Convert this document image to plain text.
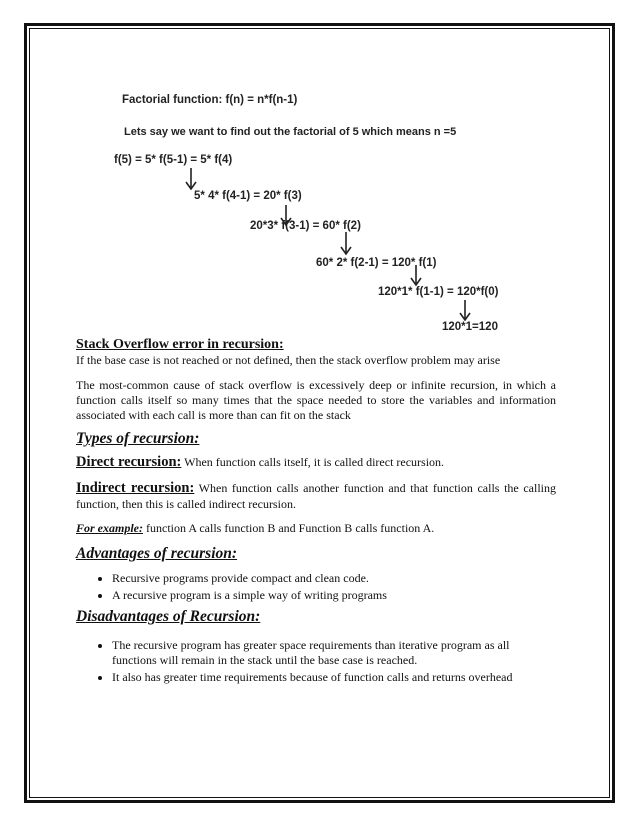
Factorial function: f(n) = n*f(n-1)
Lets say we want to find out the factorial of 5 which means n =5
f(5) = 5* f(5-1) = 5* f(4)
5* 4* f(4-1) = 20* f(3)
20*3* f(3-1) = 60* f(2)
60* 2* f(2-1) = 120* f(1)
120*1* f(1-1) = 120*f(0)
120*1=120
Stack Overflow error in recursion:

If the base case is not reached or not defined, then the stack overflow problem may arise

The most-common cause of stack overflow is excessively deep or infinite recursion, in which a function calls itself so many times that the space needed to store the variables and information associated with each call is more than can fit on the stack

Types of recursion:

Direct recursion: When function calls itself, it is called direct recursion.

Indirect recursion: When function calls another function and that function calls the calling function, then this is called indirect recursion.

For example: function A calls function B and Function B calls function A.

Advantages of recursion:
• Recursive programs provide compact and clean code.
• A recursive program is a simple way of writing programs
Disadvantages of Recursion:
• The recursive program has greater space requirements than iterative program as all functions will remain in the stack until the base case is reached.
• It also has greater time requirements because of function calls and returns overhead
